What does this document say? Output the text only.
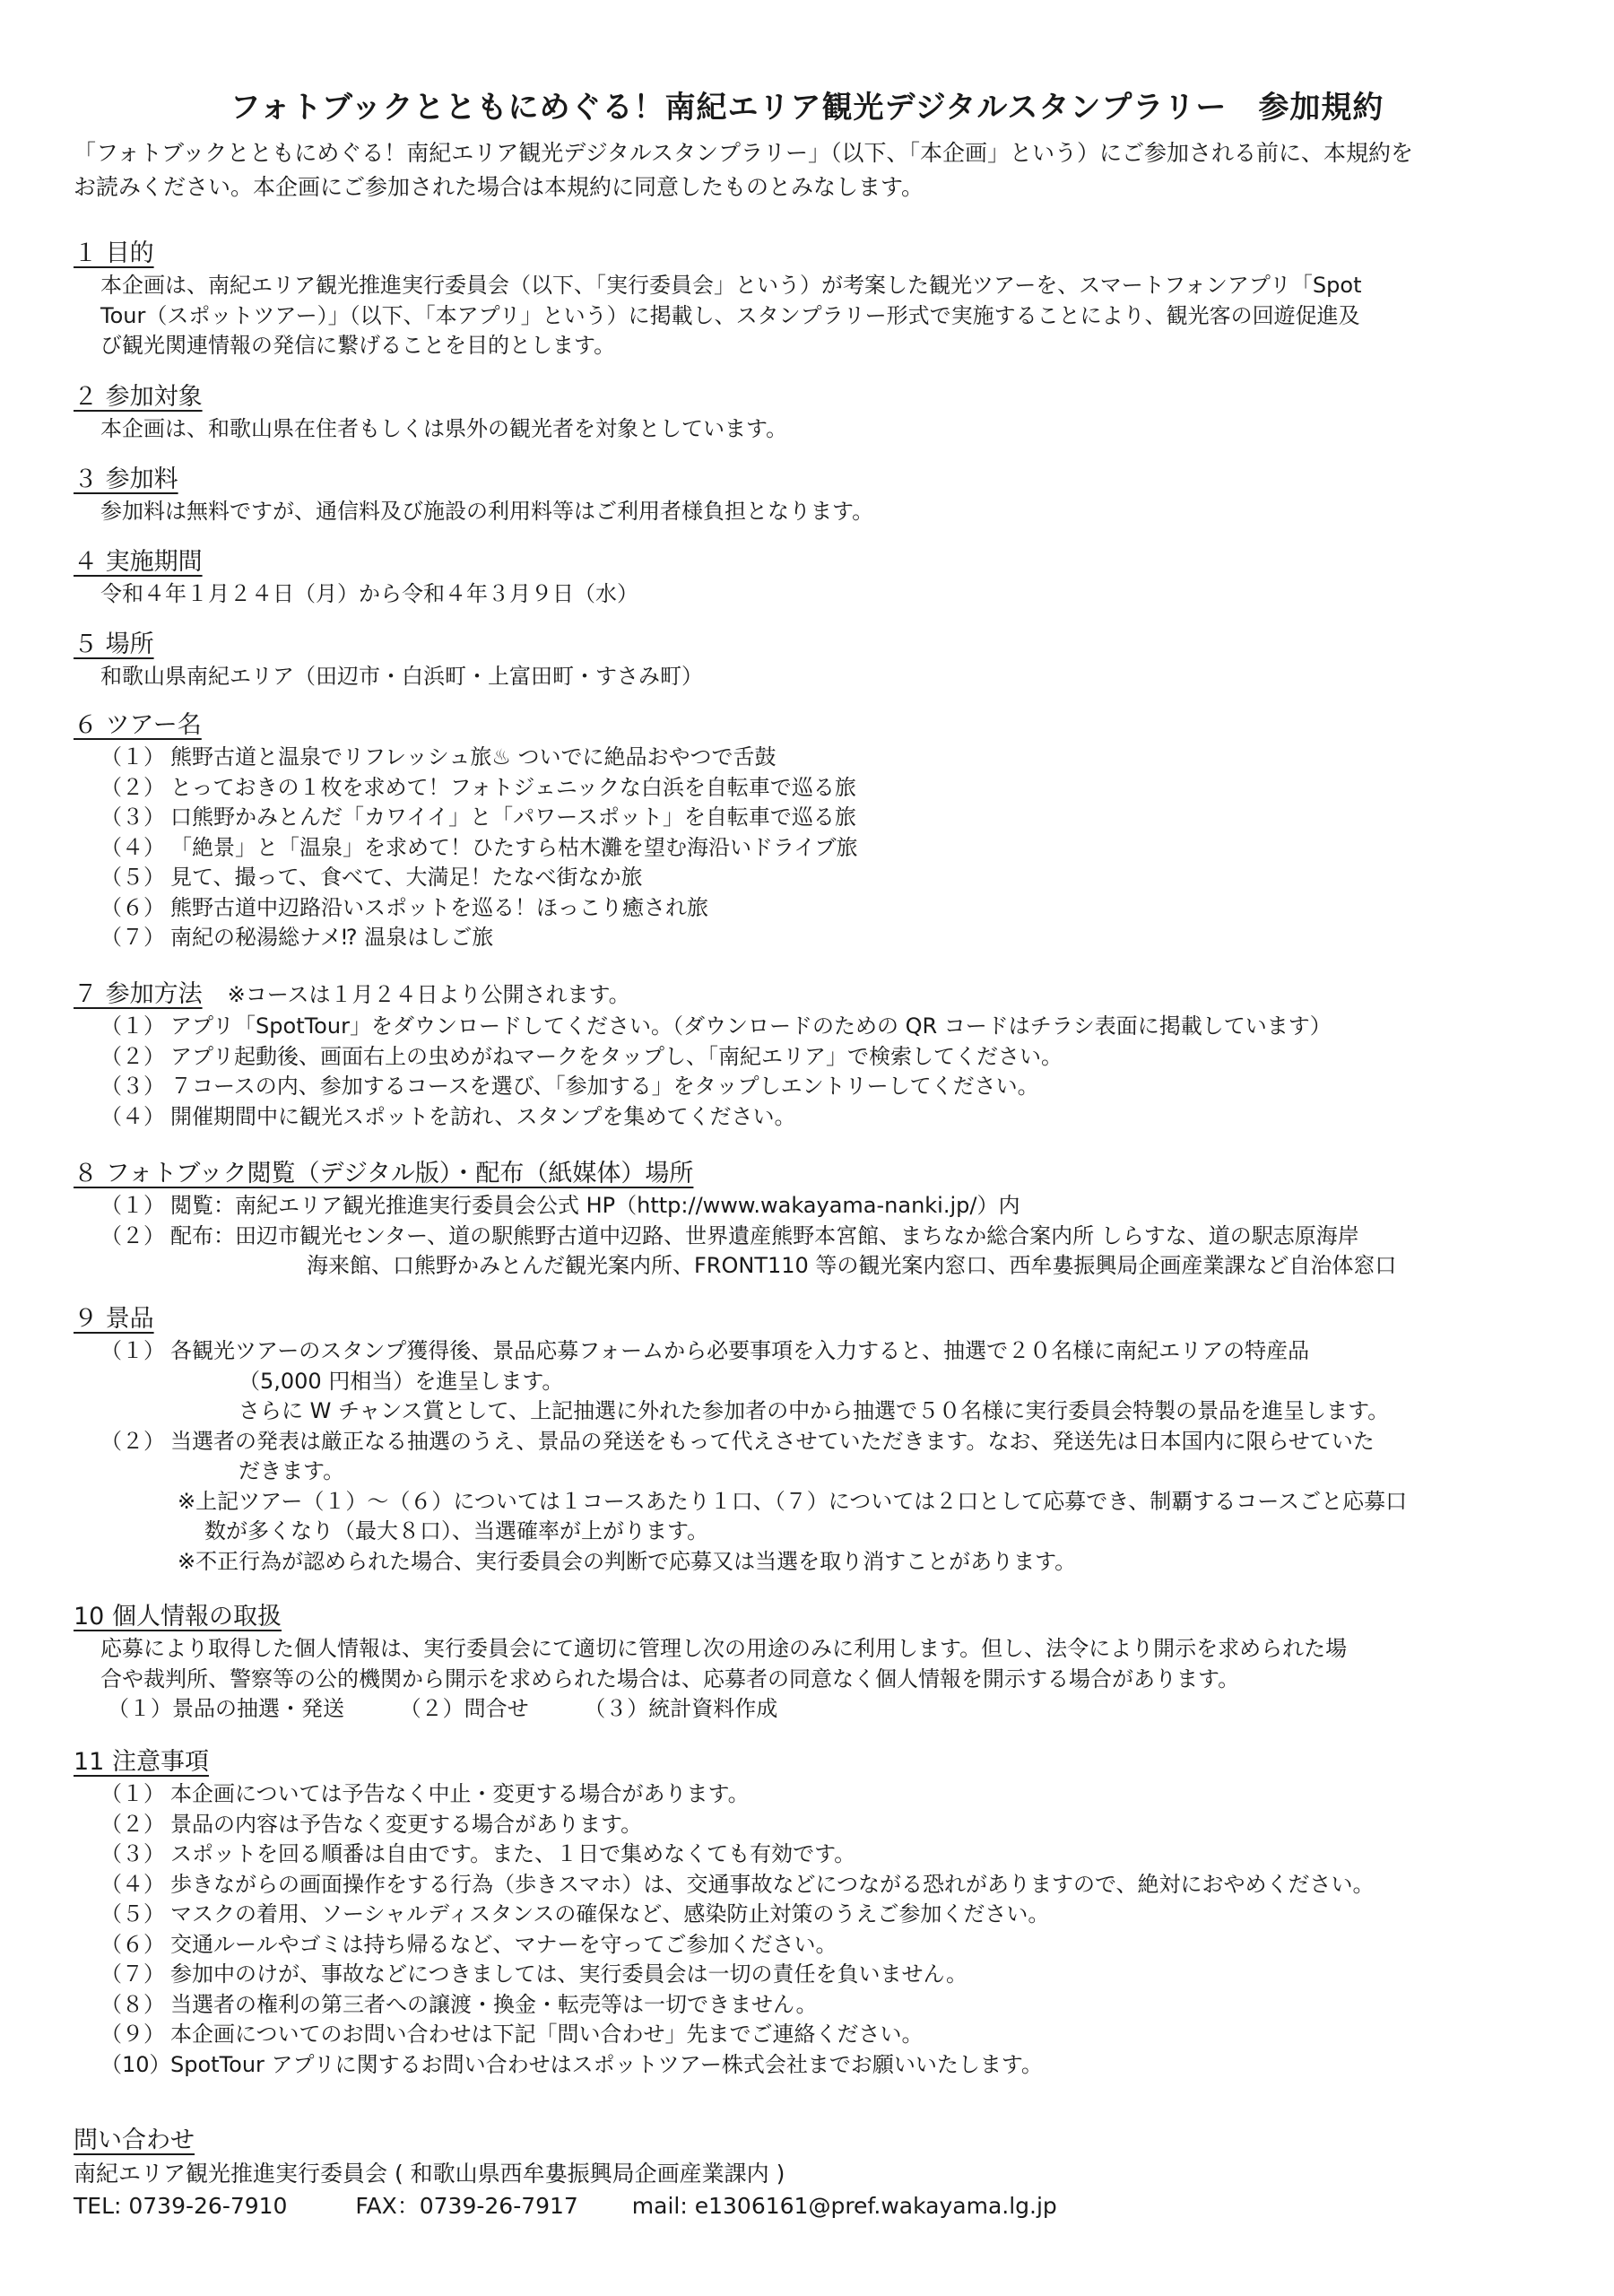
フォトブックとともにめぐる！南紀エリア観光デジタルスタンプラリー　参加規約
「フォトブックとともにめぐる！南紀エリア観光デジタルスタンプラリー」（以下、「本企画」という）にご参加される前に、本規約を
お読みください。本企画にご参加された場合は本規約に同意したものとみなします。
１ 目的
本企画は、南紀エリア観光推進実行委員会（以下、「実行委員会」という）が考案した観光ツアーを、スマートフォンアプリ「Spot
Tour（スポットツアー）」（以下、「本アプリ」という）に掲載し、スタンプラリー形式で実施することにより、観光客の回遊促進及
び観光関連情報の発信に繋げることを目的とします。
２ 参加対象
本企画は、和歌山県在住者もしくは県外の観光者を対象としています。
３ 参加料
参加料は無料ですが、通信料及び施設の利用料等はご利用者様負担となります。
４ 実施期間
令和４年１月２４日（月）から令和４年３月９日（水）
５ 場所
和歌山県南紀エリア（田辺市・白浜町・上富田町・すさみ町）
６ ツアー名
（１） 熊野古道と温泉でリフレッシュ旅♨ ついでに絶品おやつで舌鼓
（２） とっておきの１枚を求めて！フォトジェニックな白浜を自転車で巡る旅
（３） 口熊野かみとんだ「カワイイ」と「パワースポット」を自転車で巡る旅
（４） 「絶景」と「温泉」を求めて！ひたすら枯木灘を望む海沿いドライブ旅
（５） 見て、撮って、食べて、大満足！たなべ街なか旅
（６） 熊野古道中辺路沿いスポットを巡る！ほっこり癒され旅
（７） 南紀の秘湯総ナメ⁉ 温泉はしご旅
７ 参加方法 ※コースは１月２４日より公開されます。
（１） アプリ「SpotTour」をダウンロードしてください。（ダウンロードのための QR コードはチラシ表面に掲載しています）
（２） アプリ起動後、画面右上の虫めがねマークをタップし、「南紀エリア」で検索してください。
（３） ７コースの内、参加するコースを選び、「参加する」をタップしエントリーしてください。
（４） 開催期間中に観光スポットを訪れ、スタンプを集めてください。
８ フォトブック閲覧（デジタル版）・配布（紙媒体）場所
（１） 閲覧：南紀エリア観光推進実行委員会公式 HP（http://www.wakayama-nanki.jp/）内
（２） 配布：田辺市観光センター、道の駅熊野古道中辺路、世界遺産熊野本宮館、まちなか総合案内所 しらすな、道の駅志原海岸
海来館、口熊野かみとんだ観光案内所、FRONT110 等の観光案内窓口、西牟婁振興局企画産業課など自治体窓口
９ 景品
（１） 各観光ツアーのスタンプ獲得後、景品応募フォームから必要事項を入力すると、抽選で２０名様に南紀エリアの特産品
（5,000 円相当）を進呈します。
さらに W チャンス賞として、上記抽選に外れた参加者の中から抽選で５０名様に実行委員会特製の景品を進呈します。
（２） 当選者の発表は厳正なる抽選のうえ、景品の発送をもって代えさせていただきます。なお、発送先は日本国内に限らせていた
だきます。
※上記ツアー（１）～（６）については１コースあたり１口、（７）については２口として応募でき、制覇するコースごと応募口
数が多くなり（最大８口）、当選確率が上がります。
※不正行為が認められた場合、実行委員会の判断で応募又は当選を取り消すことがあります。
10 個人情報の取扱
応募により取得した個人情報は、実行委員会にて適切に管理し次の用途のみに利用します。但し、法令により開示を求められた場
合や裁判所、警察等の公的機関から開示を求められた場合は、応募者の同意なく個人情報を開示する場合があります。
（１）景品の抽選・発送	（２）問合せ	（３）統計資料作成
11 注意事項
（１） 本企画については予告なく中止・変更する場合があります。
（２） 景品の内容は予告なく変更する場合があります。
（３） スポットを回る順番は自由です。また、１日で集めなくても有効です。
（４） 歩きながらの画面操作をする行為（歩きスマホ）は、交通事故などにつながる恐れがありますので、絶対におやめください。
（５） マスクの着用、ソーシャルディスタンスの確保など、感染防止対策のうえご参加ください。
（６） 交通ルールやゴミは持ち帰るなど、マナーを守ってご参加ください。
（７） 参加中のけが、事故などにつきましては、実行委員会は一切の責任を負いません。
（８） 当選者の権利の第三者への譲渡・換金・転売等は一切できません。
（９） 本企画についてのお問い合わせは下記「問い合わせ」先までご連絡ください。
（10）SpotTour アプリに関するお問い合わせはスポットツアー株式会社までお願いいたします。
問い合わせ
南紀エリア観光推進実行委員会 ( 和歌山県西牟婁振興局企画産業課内 )
TEL: 0739-26-7910	FAX：0739-26-7917 mail: e1306161@pref.wakayama.lg.jp
